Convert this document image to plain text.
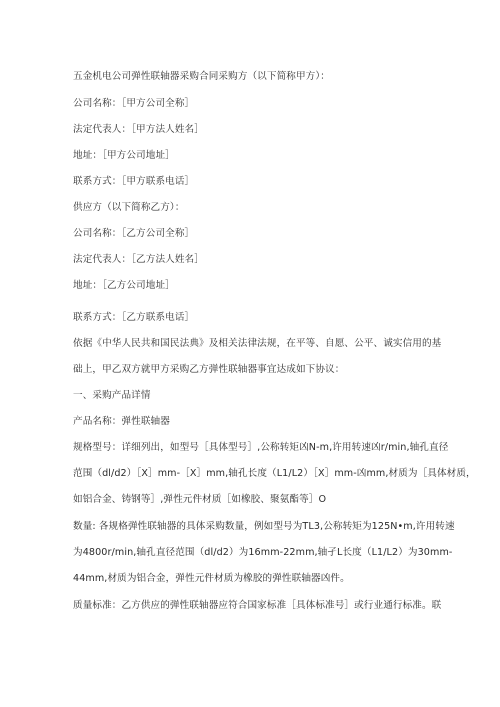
五金机电公司弹性联轴器采购合同采购方（以下简称甲方）：
公司名称：［甲方公司全称］
法定代表人：［甲方法人姓名］
地址：［甲方公司地址］
联系方式：［甲方联系电话］
供应方（以下简称乙方）：
公司名称：［乙方公司全称］
法定代表人：［乙方法人姓名］
地址：［乙方公司地址］
联系方式：［乙方联系电话］
依据《中华人民共和国民法典》及相关法律法规，在平等、自愿、公平、诚实信用的基
础上，甲乙双方就甲方采购乙方弹性联轴器事宜达成如下协议：
一、采购产品详情
产品名称：弹性联轴器
规格型号：详细列出，如型号［具体型号］,公称转矩凶N-m,许用转速凶r/min,轴孔直径
范围（dl/d2）［X］mm-［X］mm,轴孔长度（L1/L2）［X］mm-凶mm,材质为［具体材质，
如铝合金、铸钢等］,弹性元件材质［如橡胶、聚氨酯等］O
数量: 各规格弹性联轴器的具体采购数量，例如型号为TL3,公称转矩为125N•m,许用转速
为4800r/min,轴孔直径范围（dl/d2）为16mm-22mm,轴孑L长度（L1/L2）为30mm-
44mm,材质为铝合金，弹性元件材质为橡胶的弹性联轴器凶件。
质量标准：乙方供应的弹性联轴器应符合国家标准［具体标准号］或行业通行标准。联
